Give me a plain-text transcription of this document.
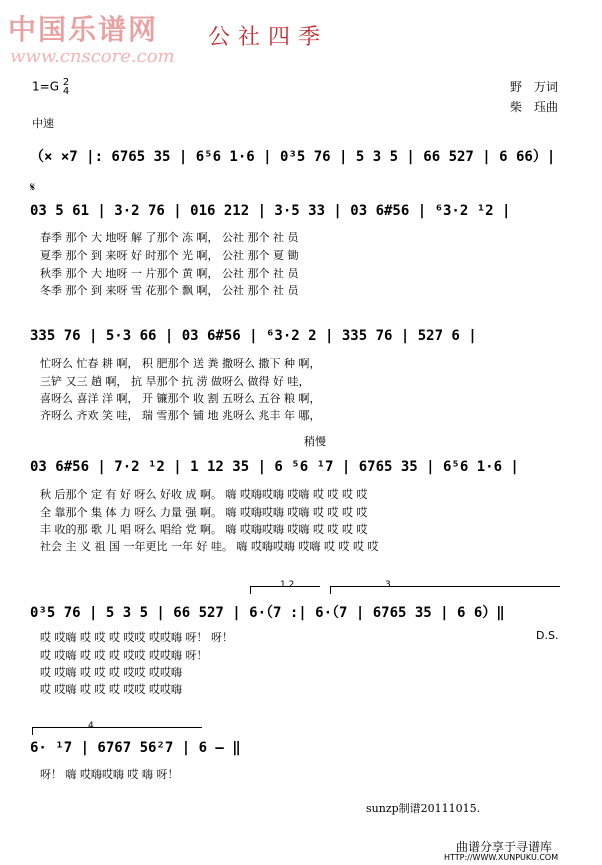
中国乐谱网
www.cnscore.com
公社四季
1=G 2
4	野　万词
柴　珏曲
中速
（× ×7 |: 6765 35 | 6⁵6 1·6 | 0³5 76 | 5 3 5 | 66 527 | 6 66）|
𝄋
03 5 61 | 3·2 76 | 016 212 | 3·5 33 | 03 6#56 | ⁶3·2 ¹2 |
春季 那个 大 地呀 解 了那个 冻 啊， 公社 那个 社 员
夏季 那个 到 来呀 好 时那个 光 啊， 公社 那个 夏 锄
秋季 那个 大 地呀 一 片那个 黄 啊， 公社 那个 社 员
冬季 那个 到 来呀 雪 花那个 飘 啊， 公社 那个 社 员
335 76 | 5·3 66 | 03 6#56 | ⁶3·2 2 | 335 76 | 527 6 |
忙呀么 忙春 耕 啊， 积 肥那个 送 粪 撒呀么 撒下 种 啊，
三铲 又三 趟 啊， 抗 旱那个 抗 涝 做呀么 做得 好 哇，
喜呀么 喜洋 洋 啊， 开 镰那个 收 割 五呀么 五谷 粮 啊，
齐呀么 齐欢 笑 哇， 瑞 雪那个 铺 地 兆呀么 兆丰 年 哪，
稍慢
03 6#56 | 7·2 ¹2 | 1 12 35 | 6 ⁵6 ¹7 | 6765 35 | 6⁵6 1·6 |
秋 后那个 定 有 好 呀么 好收 成 啊。 嗨 哎嗨哎嗨 哎嗨 哎 哎 哎 哎
全 靠那个 集 体 力 呀么 力量 强 啊。 嗨 哎嗨哎嗨 哎嗨 哎 哎 哎 哎
丰 收的那 歌 儿 唱 呀么 唱给 党 啊。 嗨 哎嗨哎嗨 哎嗨 哎 哎 哎 哎
社会 主 义 祖 国 一年更比 一年 好 哇。 嗨 哎嗨哎嗨 哎嗨 哎 哎 哎 哎
1.2	3
0³5 76 | 5 3 5 | 66 527 | 6·（7 :| 6·（7 | 6765 35 | 6 6）‖
哎 哎嗨 哎 哎 哎 哎哎 哎哎嗨 呀！ 呀！	D.S.
哎 哎嗨 哎 哎 哎 哎哎 哎哎嗨 呀！
哎 哎嗨 哎 哎 哎 哎哎 哎哎嗨
哎 哎嗨 哎 哎 哎 哎哎 哎哎嗨
4
6· ¹7 | 6767 56²7 | 6 – ‖
呀！ 嗨 哎嗨哎嗨 哎 嗨 呀！
sunzp制谱20111015.
曲谱分享于寻谱库
HTTP://WWW.XUNPUKU.COM
